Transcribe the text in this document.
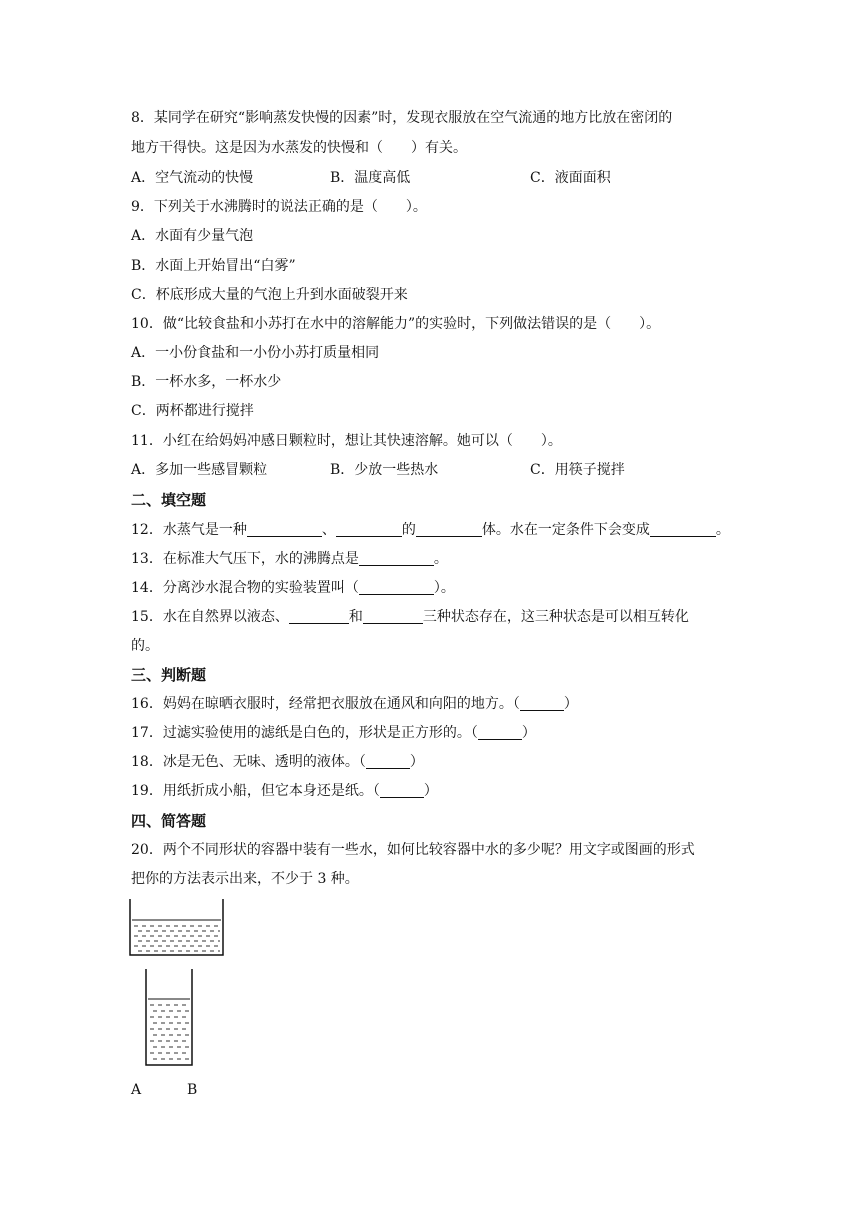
8．某同学在研究“影响蒸发快慢的因素”时，发现衣服放在空气流通的地方比放在密闭的
地方干得快。这是因为水蒸发的快慢和（　　）有关。
A．空气流动的快慢	B．温度高低	C．液面面积
9．下列关于水沸腾时的说法正确的是（　　）。
A．水面有少量气泡
B．水面上开始冒出“白雾”
C．杯底形成大量的气泡上升到水面破裂开来
10．做“比较食盐和小苏打在水中的溶解能力”的实验时，下列做法错误的是（　　）。
A．一小份食盐和一小份小苏打质量相同
B．一杯水多，一杯水少
C．两杯都进行搅拌
11．小红在给妈妈冲感日颗粒时，想让其快速溶解。她可以（　　）。
A．多加一些感冒颗粒	B．少放一些热水	C．用筷子搅拌
二、填空题
12．水蒸气是一种	、	的	体。水在一定条件下会变成	。
13．在标准大气压下，水的沸腾点是	。
14．分离沙水混合物的实验装置叫（	）。
15．水在自然界以液态、	和	三种状态存在，这三种状态是可以相互转化
的。
三、判断题
16．妈妈在晾晒衣服时，经常把衣服放在通风和向阳的地方。（	）
17．过滤实验使用的滤纸是白色的，形状是正方形的。（	）
18．冰是无色、无味、透明的液体。（	）
19．用纸折成小船，但它本身还是纸。（	）
四、简答题
20．两个不同形状的容器中装有一些水，如何比较容器中水的多少呢？用文字或图画的形式
把你的方法表示出来，不少于 3 种。
A	B
